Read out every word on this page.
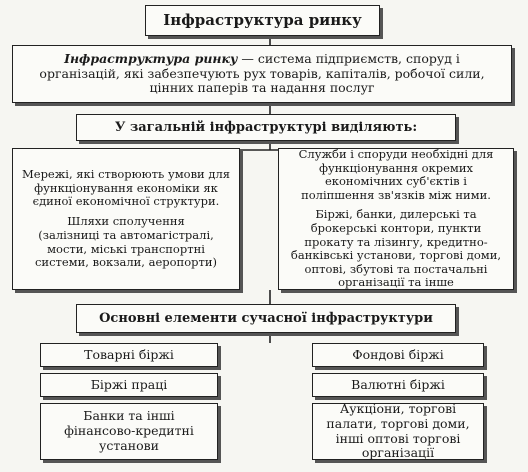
Інфраструктура ринку
Інфраструктура ринку — система підприємств, споруд і організацій, які забезпечують рух товарів, капіталів, робочої сили, цінних паперів та надання послуг
У загальній інфраструктурі виділяють:

Мережі, які створюють умови для функціонування економіки як єдиної економічної структури.

Шляхи сполучення

(залізниці та автомагістралі, мости, міські транспортні системи, вокзали, аеропорти)

Служби і споруди необхідні для функціонування окремих економічних суб'єктів і поліпшення зв'язків між ними.

Біржі, банки, дилерські та брокерські контори, пункти прокату та лізингу, кредитно-банківські установи, торгові доми, оптові, збутові та постачальні організації та інше

Основні елементи сучасної інфраструктури
Товарні біржі
Біржі праці
Банки та інші фінансово-кредитні установи
Фондові біржі
Валютні біржі
Аукціони, торгові палати, торгові доми, інші оптові торгові організації
